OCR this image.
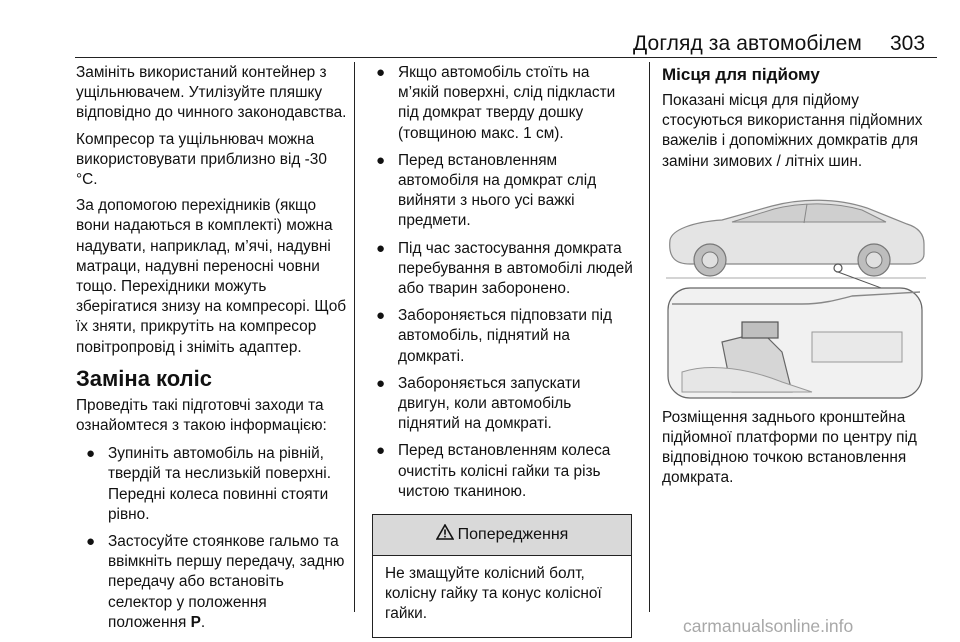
Догляд за автомобілем 303

Замініть використаний контейнер з ущільнювачем. Утилізуйте пляшку відповідно до чинного законодавства.

Компресор та ущільнювач можна використовувати приблизно від -30 °C.

За допомогою перехідників (якщо вони надаються в комплекті) можна надувати, наприклад, м’ячі, надувні матраци, надувні переносні човни тощо. Перехідники можуть зберігатися знизу на компресорі. Щоб їх зняти, прикрутіть на компресор повітропровід і зніміть адаптер.

Заміна коліс

Проведіть такі підготовчі заходи та ознайомтеся з такою інформацією:

● Зупиніть автомобіль на рівній, твердій та неслизькій поверхні. Передні колеса повинні стояти рівно.
● Застосуйте стоянкове гальмо та ввімкніть першу передачу, задню передачу або встановіть селектор у положення
положення P.
● Якщо автомобіль стоїть на м’якій поверхні, слід підкласти під домкрат тверду дошку (товщиною макс. 1 см).
● Перед встановленням автомобіля на домкрат слід вийняти з нього усі важкі предмети.
● Під час застосування домкрата перебування в автомобілі людей або тварин заборонено.
● Забороняється підповзати під автомобіль, піднятий на домкраті.
● Забороняється запускати двигун, коли автомобіль піднятий на домкраті.
● Перед встановленням колеса очистіть колісні гайки та різь чистою тканиною.
Попередження
Не змащуйте колісний болт, колісну гайку та конус колісної гайки.
Місця для підйому

Показані місця для підйому стосуються використання підйомних важелів і допоміжних домкратів для заміни зимових / літніх шин.

Розміщення заднього кронштейна підйомної платформи по центру під відповідною точкою встановлення домкрата.

carmanualsonline.info
